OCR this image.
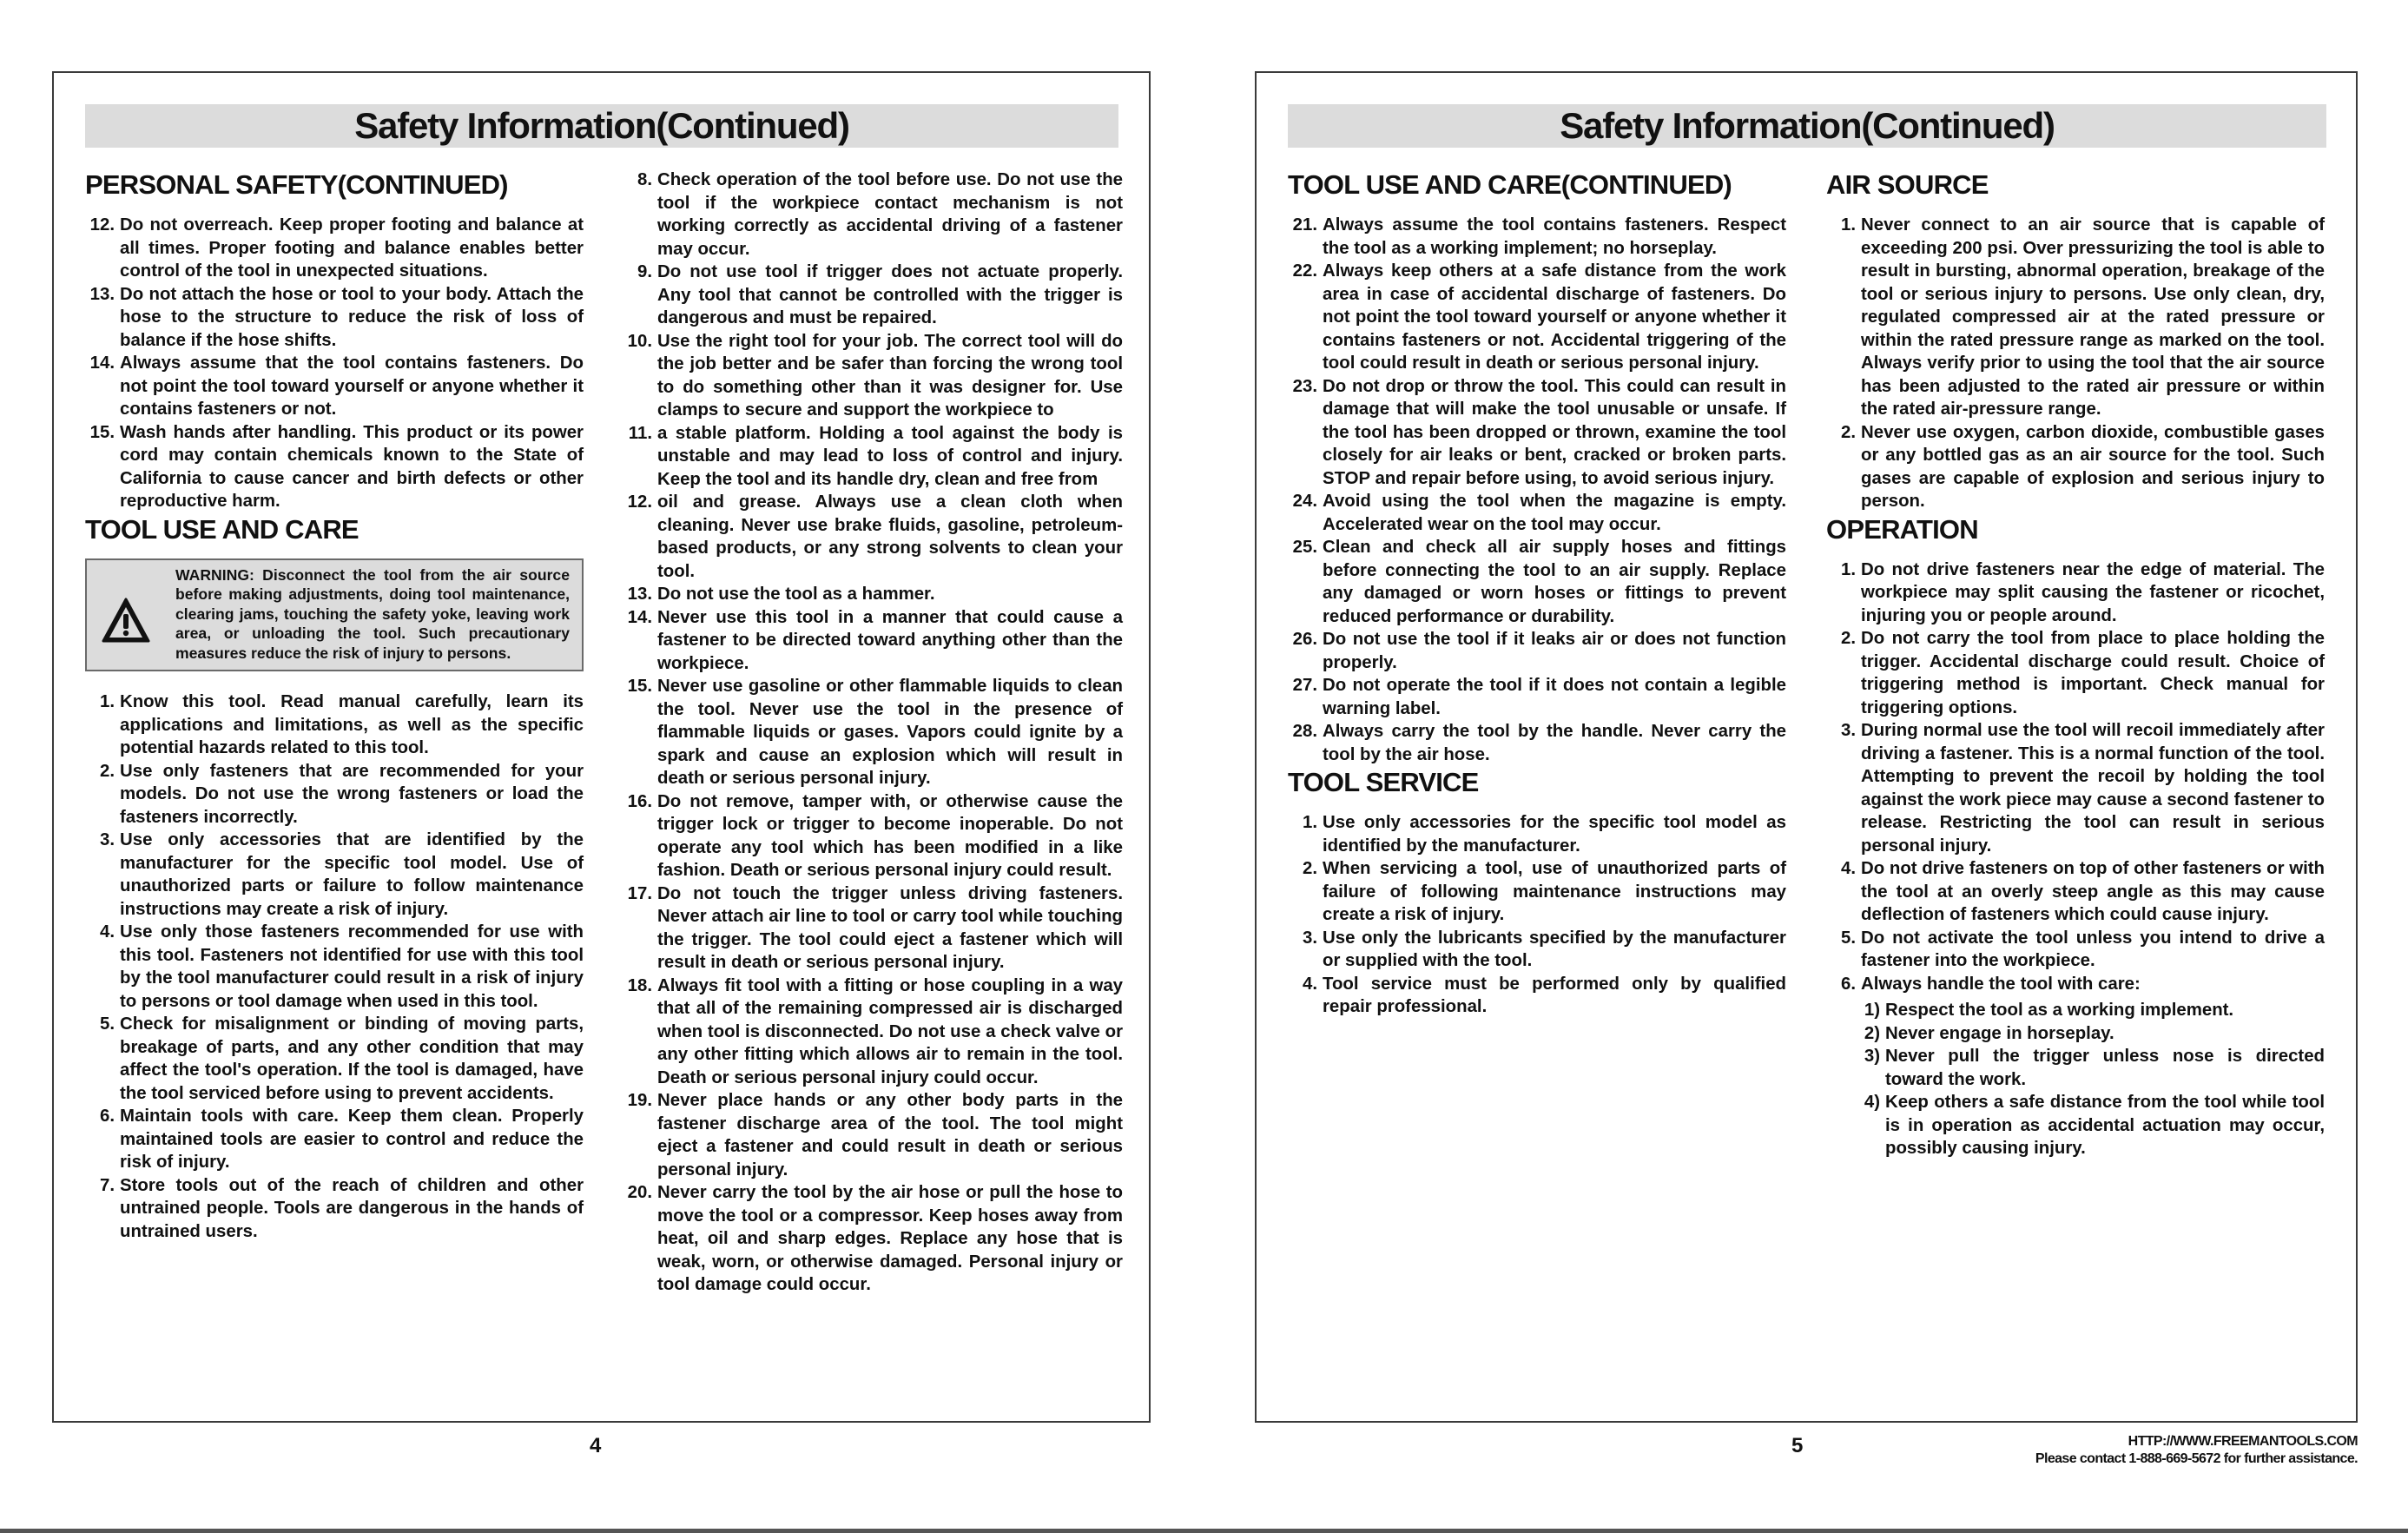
Safety Information(Continued)
PERSONAL SAFETY(CONTINUED)
12. Do not overreach. Keep proper footing and balance at all times. Proper footing and balance enables better control of the tool in unexpected situations.
13. Do not attach the hose or tool to your body. Attach the hose to the structure to reduce the risk of loss of balance if the hose shifts.
14. Always assume that the tool contains fasteners. Do not point the tool toward yourself or anyone whether it contains fasteners or not.
15. Wash hands after handling. This product or its power cord may contain chemicals known to the State of California to cause cancer and birth defects or other reproductive harm.
TOOL USE AND CARE
WARNING: Disconnect the tool from the air source before making adjustments, doing tool maintenance, clearing jams, touching the safety yoke, leaving work area, or unloading the tool. Such precautionary measures reduce the risk of injury to persons.
1. Know this tool. Read manual carefully, learn its applications and limitations, as well as the specific potential hazards related to this tool.
2. Use only fasteners that are recommended for your models. Do not use the wrong fasteners or load the fasteners incorrectly.
3. Use only accessories that are identified by the manufacturer for the specific tool model. Use of unauthorized parts or failure to follow maintenance instructions may create a risk of injury.
4. Use only those fasteners recommended for use with this tool. Fasteners not identified for use with this tool by the tool manufacturer could result in a risk of injury to persons or tool damage when used in this tool.
5. Check for misalignment or binding of moving parts, breakage of parts, and any other condition that may affect the tool's operation. If the tool is damaged, have the tool serviced before using to prevent accidents.
6. Maintain tools with care. Keep them clean. Properly maintained tools are easier to control and reduce the risk of injury.
7. Store tools out of the reach of children and other untrained people. Tools are dangerous in the hands of untrained users.
8. Check operation of the tool before use. Do not use the tool if the workpiece contact mechanism is not working correctly as accidental driving of a fastener may occur.
9. Do not use tool if trigger does not actuate properly. Any tool that cannot be controlled with the trigger is dangerous and must be repaired.
10. Use the right tool for your job. The correct tool will do the job better and be safer than forcing the wrong tool to do something other than it was designer for. Use clamps to secure and support the workpiece to
11. a stable platform. Holding a tool against the body is unstable and may lead to loss of control and injury. Keep the tool and its handle dry, clean and free from
12. oil and grease. Always use a clean cloth when cleaning. Never use brake fluids, gasoline, petroleum-based products, or any strong solvents to clean your tool.
13. Do not use the tool as a hammer.
14. Never use this tool in a manner that could cause a fastener to be directed toward anything other than the workpiece.
15. Never use gasoline or other flammable liquids to clean the tool. Never use the tool in the presence of flammable liquids or gases. Vapors could ignite by a spark and cause an explosion which will result in death or serious personal injury.
16. Do not remove, tamper with, or otherwise cause the trigger lock or trigger to become inoperable. Do not operate any tool which has been modified in a like fashion. Death or serious personal injury could result.
17. Do not touch the trigger unless driving fasteners. Never attach air line to tool or carry tool while touching the trigger. The tool could eject a fastener which will result in death or serious personal injury.
18. Always fit tool with a fitting or hose coupling in a way that all of the remaining compressed air is discharged when tool is disconnected. Do not use a check valve or any other fitting which allows air to remain in the tool. Death or serious personal injury could occur.
19. Never place hands or any other body parts in the fastener discharge area of the tool. The tool might eject a fastener and could result in death or serious personal injury.
20. Never carry the tool by the air hose or pull the hose to move the tool or a compressor. Keep hoses away from heat, oil and sharp edges. Replace any hose that is weak, worn, or otherwise damaged. Personal injury or tool damage could occur.
Safety Information(Continued)
TOOL USE AND CARE(CONTINUED)
21. Always assume the tool contains fasteners. Respect the tool as a working implement; no horseplay.
22. Always keep others at a safe distance from the work area in case of accidental discharge of fasteners. Do not point the tool toward yourself or anyone whether it contains fasteners or not. Accidental triggering of the tool could result in death or serious personal injury.
23. Do not drop or throw the tool. This could can result in damage that will make the tool unusable or unsafe. If the tool has been dropped or thrown, examine the tool closely for air leaks or bent, cracked or broken parts. STOP and repair before using, to avoid serious injury.
24. Avoid using the tool when the magazine is empty. Accelerated wear on the tool may occur.
25. Clean and check all air supply hoses and fittings before connecting the tool to an air supply. Replace any damaged or worn hoses or fittings to prevent reduced performance or durability.
26. Do not use the tool if it leaks air or does not function properly.
27. Do not operate the tool if it does not contain a legible warning label.
28. Always carry the tool by the handle. Never carry the tool by the air hose.
TOOL SERVICE
1. Use only accessories for the specific tool model as identified by the manufacturer.
2. When servicing a tool, use of unauthorized parts of failure of following maintenance instructions may create a risk of injury.
3. Use only the lubricants specified by the manufacturer or supplied with the tool.
4. Tool service must be performed only by qualified repair professional.
AIR SOURCE
1. Never connect to an air source that is capable of exceeding 200 psi. Over pressurizing the tool is able to result in bursting, abnormal operation, breakage of the tool or serious injury to persons. Use only clean, dry, regulated compressed air at the rated pressure or within the rated pressure range as marked on the tool. Always verify prior to using the tool that the air source has been adjusted to the rated air pressure or within the rated air-pressure range.
2. Never use oxygen, carbon dioxide, combustible gases or any bottled gas as an air source for the tool. Such gases are capable of explosion and serious injury to person.
OPERATION
1. Do not drive fasteners near the edge of material. The workpiece may split causing the fastener or ricochet, injuring you or people around.
2. Do not carry the tool from place to place holding the trigger. Accidental discharge could result. Choice of triggering method is important. Check manual for triggering options.
3. During normal use the tool will recoil immediately after driving a fastener. This is a normal function of the tool. Attempting to prevent the recoil by holding the tool against the work piece may cause a second fastener to release. Restricting the tool can result in serious personal injury.
4. Do not drive fasteners on top of other fasteners or with the tool at an overly steep angle as this may cause deflection of fasteners which could cause injury.
5. Do not activate the tool unless you intend to drive a fastener into the workpiece.
6. Always handle the tool with care:
1) Respect the tool as a working implement.
2) Never engage in horseplay.
3) Never pull the trigger unless nose is directed toward the work.
4) Keep others a safe distance from the tool while tool is in operation as accidental actuation may occur, possibly causing injury.
4	5	HTTP://WWW.FREEMANTOOLS.COM
Please contact 1-888-669-5672 for further assistance.
